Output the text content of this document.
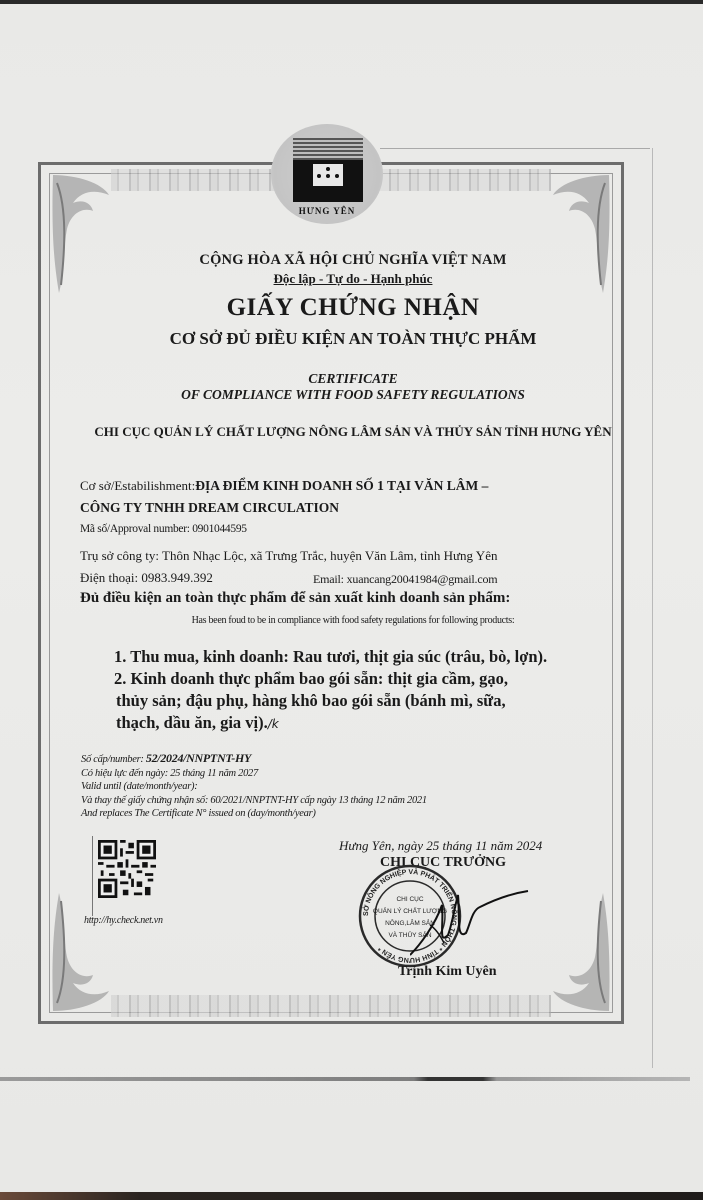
HƯNG YÊN
CỘNG HÒA XÃ HỘI CHỦ NGHĨA VIỆT NAM
Độc lập - Tự do - Hạnh phúc
GIẤY CHỨNG NHẬN
CƠ SỞ ĐỦ ĐIỀU KIỆN AN TOÀN THỰC PHẨM
CERTIFICATE
OF COMPLIANCE WITH FOOD SAFETY REGULATIONS
CHI CỤC QUẢN LÝ CHẤT LƯỢNG NÔNG LÂM SẢN VÀ THỦY SẢN TỈNH HƯNG YÊN
Cơ sở/Estabilishment:ĐỊA ĐIỂM KINH DOANH SỐ 1 TẠI VĂN LÂM –
CÔNG TY TNHH DREAM CIRCULATION
Mã số/Approval number: 0901044595
Trụ sở công ty: Thôn Nhạc Lộc, xã Trưng Trắc, huyện Văn Lâm, tỉnh Hưng Yên
Điện thoại: 0983.949.392	Email: xuancang20041984@gmail.com
Đủ điều kiện an toàn thực phẩm để sản xuất kinh doanh sản phẩm:
Has been foud to be in compliance with food safety regulations for following products:
1. Thu mua, kinh doanh: Rau tươi, thịt gia súc (trâu, bò, lợn).
2. Kinh doanh thực phẩm bao gói sẵn: thịt gia cầm, gạo,
thủy sản; đậu phụ, hàng khô bao gói sẵn (bánh mì, sữa,
thạch, dầu ăn, gia vị)./k
Số cấp/number: 52/2024/NNPTNT-HY
Có hiệu lực đến ngày: 25 tháng 11 năm 2027
Valid until (date/month/year):
Và thay thế giấy chứng nhận số: 60/2021/NNPTNT-HY cấp ngày 13 tháng 12 năm 2021
And replaces The Certificate N° issued on (day/month/year)
http://hy.check.net.vn
Hưng Yên, ngày 25 tháng 11 năm 2024
CHI CỤC TRƯỞNG
SỞ NÔNG NGHIỆP VÀ PHÁT TRIỂN NÔNG THÔN * TỈNH HƯNG YÊN *
CHI CỤC
QUẢN LÝ CHẤT LƯỢNG
NÔNG,LÂM SẢN
VÀ THỦY SẢN
Trịnh Kim Uyên
